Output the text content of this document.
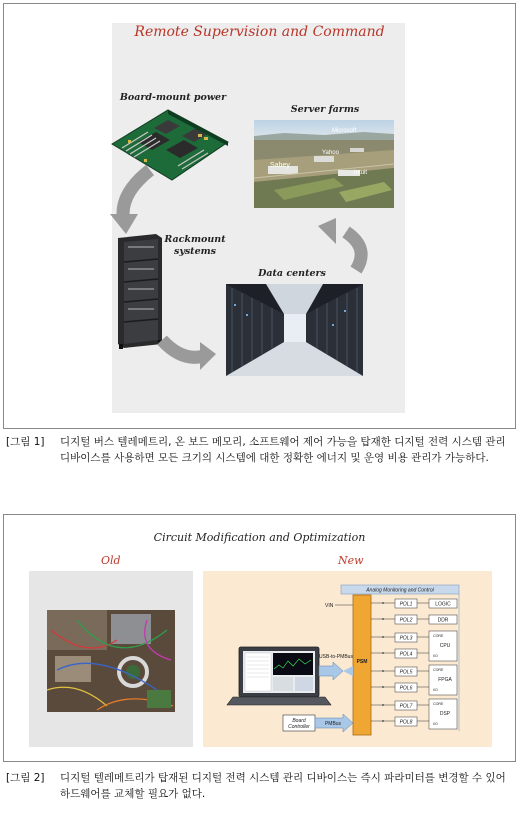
Remote Supervision and Command
Board-mount power
Server farms
Rackmount
systems
Data centers
Microsoft
Yahoo
Sabey
Intuit
[그림 1] 디지털 버스 텔레메트리, 온 보드 메모리, 소프트웨어 제어 가능을 탑재한 디지털 전력 시스템 관리 디바이스를 사용하면 모든 크기의 시스템에 대한 정확한 에너지 및 운영 비용 관리가 가능하다.
Circuit Modification and Optimization
Old	New
Analog Monitoring and Control
VIN
PSM
POL1
POL2
POL3
POL4
POL5
POL6
POL7
POL8
LOGIC
DDR
CORE
CPU
I/O
CORE
FPGA
I/O
CORE
DSP
I/O
USB-to-PMBus
Board
Controller	PMBus
[그림 2] 디지털 텔레메트리가 탑재된 디지털 전력 시스템 관리 디바이스는 즉시 파라미터를 변경할 수 있어 하드웨어를 교체할 필요가 없다.
